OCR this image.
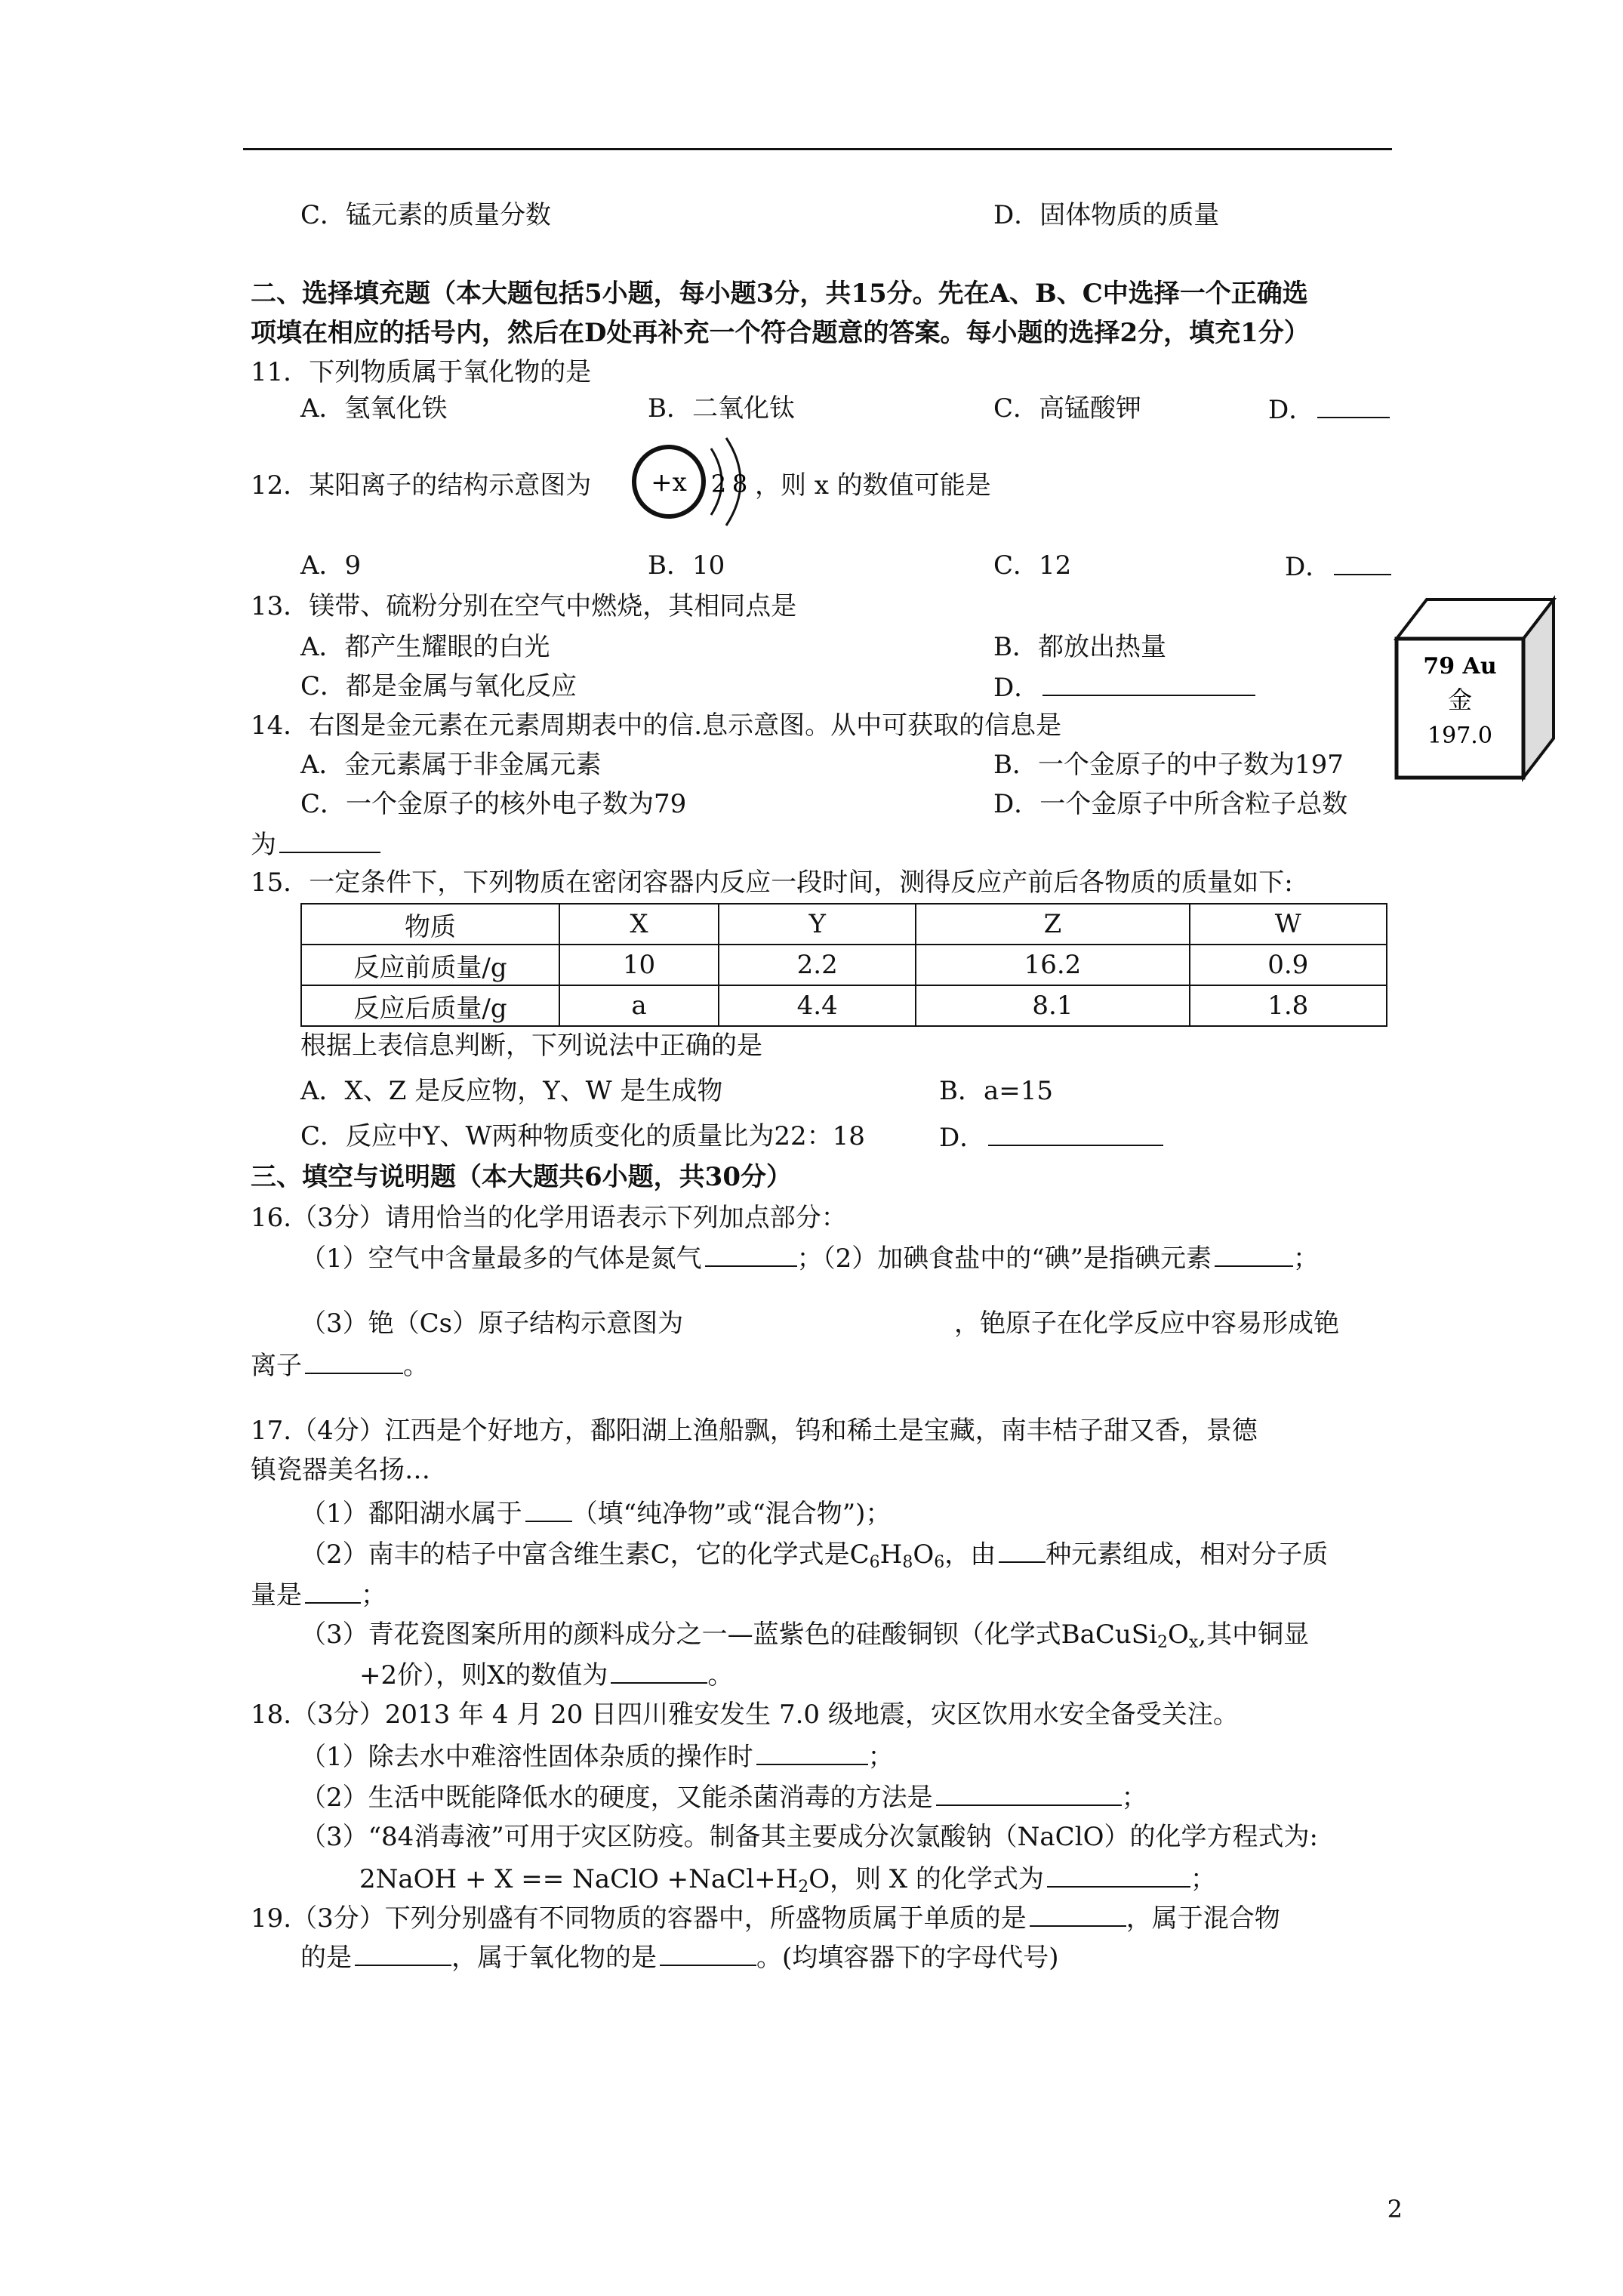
C．锰元素的质量分数	D．固体物质的质量
二、选择填充题（本大题包括5小题，每小题3分，共15分。先在A、B、C中选择一个正确选
项填在相应的括号内，然后在D处再补充一个符合题意的答案。每小题的选择2分，填充1分）
11．下列物质属于氧化物的是
A．氢氧化铁	B．二氧化钛	C．高锰酸钾	D．
12．某阳离子的结构示意图为 +x 2 8 ，则 x 的数值可能是
A．9	B．10	C．12	D．
13．镁带、硫粉分别在空气中燃烧，其相同点是
A．都产生耀眼的白光	B．都放出热量
C．都是金属与氧化反应	D．
79 Au
金
197.0
14．右图是金元素在元素周期表中的信.息示意图。从中可获取的信息是
A．金元素属于非金属元素	B．一个金原子的中子数为197
C．一个金原子的核外电子数为79	D．一个金原子中所含粒子总数
为
15．一定条件下，下列物质在密闭容器内反应一段时间，测得反应产前后各物质的质量如下:
物质	X	Y	Z	W
反应前质量/g	10	2.2	16.2	0.9
反应后质量/g	a	4.4	8.1	1.8
根据上表信息判断，下列说法中正确的是
A．X、Z 是反应物，Y、W 是生成物	B．a=15
C．反应中Y、W两种物质变化的质量比为22：18	D．
三、填空与说明题（本大题共6小题，共30分）
16.（3分）请用恰当的化学用语表示下列加点部分：
（1）空气中含量最多的气体是氮气	；（2）加碘食盐中的“碘”是指碘元素	；
（3）铯（Cs）原子结构示意图为	，铯原子在化学反应中容易形成铯
离子	。
17.（4分）江西是个好地方，鄱阳湖上渔船飘，钨和稀土是宝藏，南丰桔子甜又香，景德
镇瓷器美名扬…
（1）鄱阳湖水属于 （填“纯净物”或“混合物”)；
（2）南丰的桔子中富含维生素C，它的化学式是$C_6H_8O_6$，由 种元素组成，相对分子质
量是 ；
（3）青花瓷图案所用的颜料成分之一—蓝紫色的硅酸铜钡（化学式$BaCuSi_2O_x$,其中铜显
+2价），则X的数值为	。
18.（3分）2013 年 4 月 20 日四川雅安发生 7.0 级地震，灾区饮用水安全备受关注。
（1）除去水中难溶性固体杂质的操作时	；
（2）生活中既能降低水的硬度，又能杀菌消毒的方法是	；
（3）“84消毒液”可用于灾区防疫。制备其主要成分次氯酸钠（NaClO）的化学方程式为:
2NaOH + X == NaClO $+NaCl+H_2O$，则 X 的化学式为	；
19.（3分）下列分别盛有不同物质的容器中，所盛物质属于单质的是	，属于混合物
的是	，属于氧化物的是	。(均填容器下的字母代号)
2
